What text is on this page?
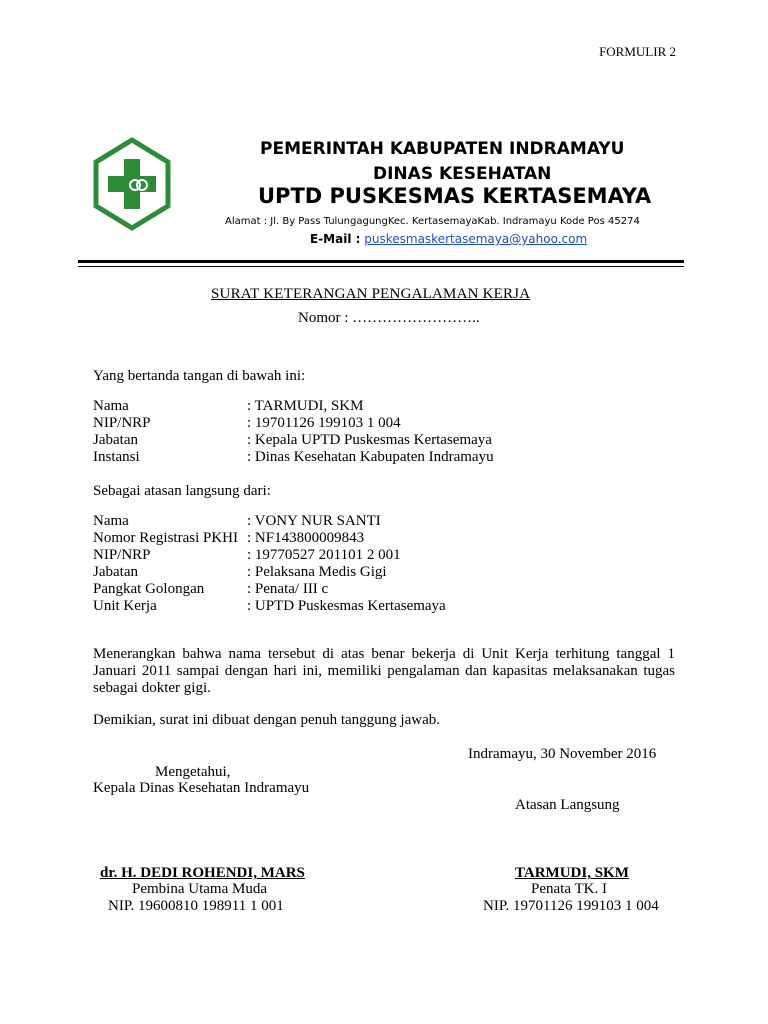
FORMULIR 2
PEMERINTAH KABUPATEN INDRAMAYU
DINAS KESEHATAN
UPTD PUSKESMAS KERTASEMAYA
Alamat : Jl. By Pass TulungagungKec. KertasemayaKab. Indramayu Kode Pos 45274
E-Mail : puskesmaskertasemaya@yahoo.com
SURAT KETERANGAN PENGALAMAN KERJA
Nomor : ……………………..
Yang bertanda tangan di bawah ini:
Nama	: TARMUDI, SKM
NIP/NRP	: 19701126 199103 1 004
Jabatan	: Kepala UPTD Puskesmas Kertasemaya
Instansi	: Dinas Kesehatan Kabupaten Indramayu
Sebagai atasan langsung dari:
Nama	: VONY NUR SANTI
Nomor Registrasi PKHI : NF143800009843
NIP/NRP	: 19770527 201101 2 001
Jabatan	: Pelaksana Medis Gigi
Pangkat Golongan	: Penata/ III c
Unit Kerja	: UPTD Puskesmas Kertasemaya
Menerangkan bahwa nama tersebut di atas benar bekerja di Unit Kerja terhitung tanggal 1 Januari 2011 sampai dengan hari ini, memiliki pengalaman dan kapasitas melaksanakan tugas sebagai dokter gigi.
Demikian, surat ini dibuat dengan penuh tanggung jawab.
Indramayu, 30 November 2016
Mengetahui,
Kepala Dinas Kesehatan Indramayu
dr. H. DEDI ROHENDI, MARS
Pembina Utama Muda
NIP. 19600810 198911 1 001
Atasan Langsung
TARMUDI, SKM
Penata TK. I
NIP. 19701126 199103 1 004
